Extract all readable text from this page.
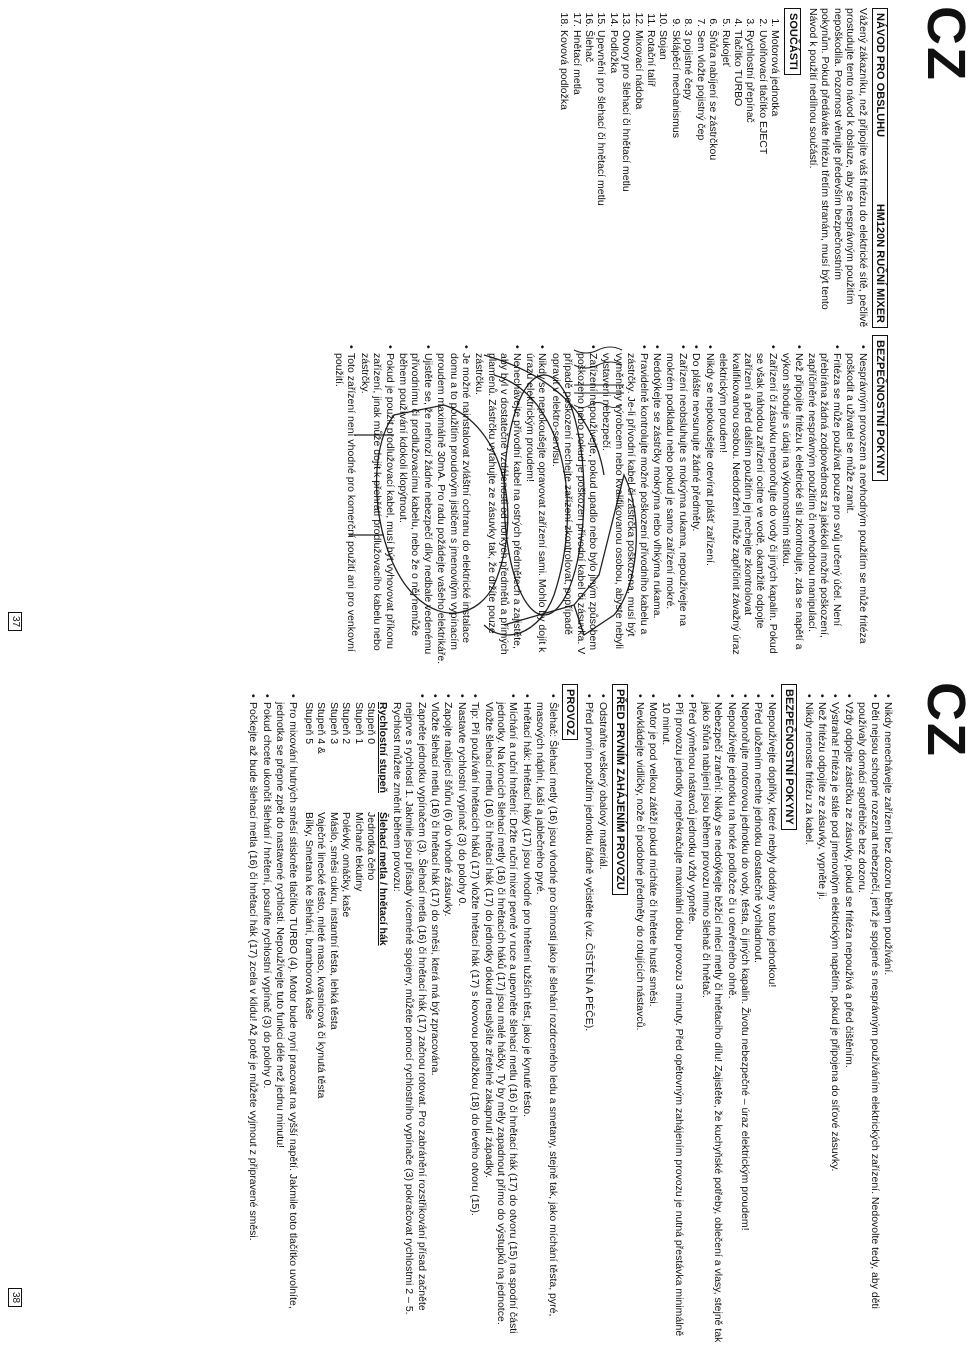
CZ
NÁVOD PRO OBSLUHU
HM120N RUČNÍ MIXER

Vážený zákazníku, než připojíte váš fritézu do elektrické sítě, pečlivě prostudujte tento návod k obsluze, aby se nesprávným použitím nepoškodila. Pozornost věnujte především bezpečnostním pokynům. Pokud předáváte fritézu třetím stranám, musí být tento Návod k použití nedílnou součástí.

SOUČÁSTI
1. Motorová jednotka
2. Uvolňovací tlačítko EJECT
3. Rychlostní přepínač
4. Tlačítko TURBO
5. Rukojeť
6. Šňůra nabíjení se zástrčkou
7. Sem vložte pojistný čep
8. 3 pojistné čepy
9. Sklápěcí mechanismus
10. Stojan
11. Rotační talíř
12. Mixovací nádoba
13. Otvory pro šlehací či hnětací metlu
14. Podložka
15. Upevnění pro šlehací či hnětací metlu
16. Šlehač
17. Hnětací metla
18. Kovová podložka
BEZPEČNOSTNÍ POKYNY
• Nesprávným provozem a nevhodným použitím se může fritéza poškodit a uživatel se může zranit.
• Fritéza se může používat pouze pro svůj určený účel. Není přebírána žádná zodpovědnost za jakékoli možné poškození, zapříčiněné nesprávným použitím či nevhodnou manipulací.
• Než připojíte fritézu k elektrické síti zkontrolujte, zda se napětí a výkon shoduje s údaji na výkonnostním štítku.
• Zařízení či zásuvku neponořujte do vody či jiných kapalin. Pokud se však náhodou zařízení ocitne ve vodě, okamžitě odpojte zařízení a před dalším použitím jej nechejte zkontrolovat kvalifikovanou osobou. Nedodržení může zapříčinit závažný úraz elektrickým proudem!
• Nikdy se nepokoušejte otevírat plášť zařízení.
• Do plášte nevsunujte žádné předměty.
• Zařízení neobsluhujte s mokrýma rukama, nepoužívejte na mokrém podkladu nebo pokud je samo zařízení mokré.
• Nedotýkejte se zástrčky mokrýma nebo vlhkýma rukama.
• Pravidelně kontrolujte možné poškození přívodního kabelu a zástrčky. Je-li přívodní kabel či zástrčka poškozena, musí být vyměněny výrobcem nebo kvalifikovanou osobou, abyste nebyli vystaveni nebezpečí.
• Zařízení nepoužívejte, pokud upadlo nebo bylo jiným způsobem poškozeno nebo pokud je poškozen přívodní kabel či zásuvka. V případě poškození nechejte zařízení zkontrolovat, popřípadě opravit v elektro-servisu.
• Nikdy se nepokoušejte opravovat zařízení sami. Mohlo by dojít k úrazu elektrickým proudem!
• Nenechávejte přívodní kabel na ostrých předmětech a zajistěte, aby byl v dostatečné vzdálenosti od horkých předmětů a přímých plamenů. Zástrčku vytahujte ze zásuvky tak, že držíte pouze zástrčku.
• Je možné nainstalovat zvláštní ochranu do elektrické instalace domu a to použitím proudovým jističem s jmenovitým vypínacím proudem maximálně 30mA. Pro radu požádejte vašeho elektrikáře.
• Ujistěte se, že nehrozí žádné nebezpečí díky nedbale vedenému přívodnímu či prodlužovacímu kabelu, nebo že o něj nemůže během používání kdokoli klopýtnout.
• Pokud je použit prodlužovací kabel, musí být vyhovovat příkonu zařízení, jinak může dojít k přehřátí prodlužovacího kabelu nebo zástrčky.
• Toto zařízení není vhodné pro komerční použití ani pro venkovní použití.
37
CZ
• Nikdy nenechávejte zařízení bez dozoru během používání.
• Děti nejsou schopné rozeznat nebezpečí, jenž je spojené s nesprávným používáním elektrických zařízení. Nedovolte tedy, aby děti používaly domácí spotřebiče bez dozoru.
• Vždy odpojte zástrčku ze zásuvky, pokud se fritéza nepoužívá a před čištěním.
• Výstraha! Fritéza je stále pod jmenovitým elektrickým napětím, pokud je připojena do síťové zásuvky.
• Než fritézu odpojíte ze zásuvky, vypněte ji.
• Nikdy nenoste fritézu za kabel.
BEZPEČNOSTNÍ POKYNY
• Nepoužívejte doplňky, které nebyly dodány s touto jednotkou!
• Před uložením nechte jednotku dostatečně vychladnout.
• Neponořujte motorovou jednotku do vody, těsta, či jiných kapalin. Životu nebezpečné – úraz elektrickým proudem!
• Nepoužívejte jednotku na horké podložce či u otevřeného ohně.
• Nebezpečí zranění: Nikdy se nedotýkejte běžící mlecí metly či hnětacího dílu! Zajistěte, že kuchyňské potřeby, oblečení a vlasy, stejně tak jako šňůra nabíjení jsou během provozu mimo šlehač či hnětač.
• Před výměnou nástavců jednotku vždy vypněte.
• Při provozu jednotky nepřekračujte maximální dobu provozu 3 minuty. Před opětovným zahájením provozu je nutná přestávka minimálně 10 minut.
• Motor je pod velkou zátěží pokud mícháte či hnětete husté směsi.
• Nevkládejte vidličky, nože či podobné předměty do rotujících nástavců.
PŘED PRVNÍM ZAHÁJENÍM PROVOZU
• Odstraňte veškerý obalový materiál.
• Před prvním použitím jednotku řádně vyčistěte (viz. ČIŠTĚNÍ A PÉČE).
PROVOZ
• Šlehač: Šlehací metly (16) jsou vhodné pro činnosti jako je šlehání rozdrceného ledu a smetany, stejně tak, jako míchání těsta, pyré, masových náplní, kaší a jablečného pyré.
• Hnětací hák: Hnětací háky (17) jsou vhodné pro hnětení tužších těst, jako je kynuté těsto.
• Míchání a ruční hnětení: Držte ruční mixer pevně v ruce a upevněte šlehací metlu (16) či hnětací hák (17) do otvoru (15) na spodní části jednotky. Na koncích šlehací metly (16) či hnětacích háků (17) jsou malé háčky. Ty by měly zapadnout přímo do výstupků na jednotce. Vložte šlehací metlu (16) či hnětací hák (17) do jednotky dokud neuslyšíte zřetelné zakapnutí západky.
• Tip: Při používání hnětacích háků (17) vložte hnětací hák (17) s kovovou podložkou (18) do levého otvoru (15).
• Nastavte rychlostní vypínač (3) do polohy 0.
• Zapojte nabíjecí šňůru (6) do vhodné zásuvky.
• Vložte šlehací metlu (16) či hnětací hák (17) do směsi, která má být zpracována.
• Zapněte jednotku vypínačem (3). Šlehací metla (16) či hnětací hák (17) začnou rotovat. Pro zabránění rozstřikování přísad začněte nejprve s rychlostí 1. Jakmile jsou přísady víceméně spojeny, můžete pomocí rychlostního vypínače (3) pokračovat rychlostmi 2 – 5. Rychlost můžete změnit během provozu:
Rychlostní stupeň
Šlehací metla / hnětací hák
Stupeň 0
Jednotka čeho
Stupeň 1
Míchané tekutiny
Stupeň 2
Polévky, omáčky, kaše
Stupeň 3
Máslo, směsi cukru, instantní těsta, lehká těsta
Stupeň 4 &
Vaječné linecké těsto, mleté maso, kvasnicová či kynutá těsta
Stupeň 5
Bílky, Smetana ke šlehání, bramborová kaše
• Pro mixování hutných směsí stiskněte tlačítko TURBO (4). Motor bude nyní pracovat na vyšší napětí. Jakmile toto tlačítko uvolníte, jednotka se přepne zpět do nastavené rychlosti. Nepoužívejte tuto funkci déle než jednu minutu!
• Pokud chcete ukončit šlehání / hnětení, posuňte rychlostní vypínač (3) do polohy 0.
• Počkejte až bude šlehací metla (16) či hnětací hák (17) zcela v klidu! Až poté je můžete vyjmout z připravené směsi.
38
